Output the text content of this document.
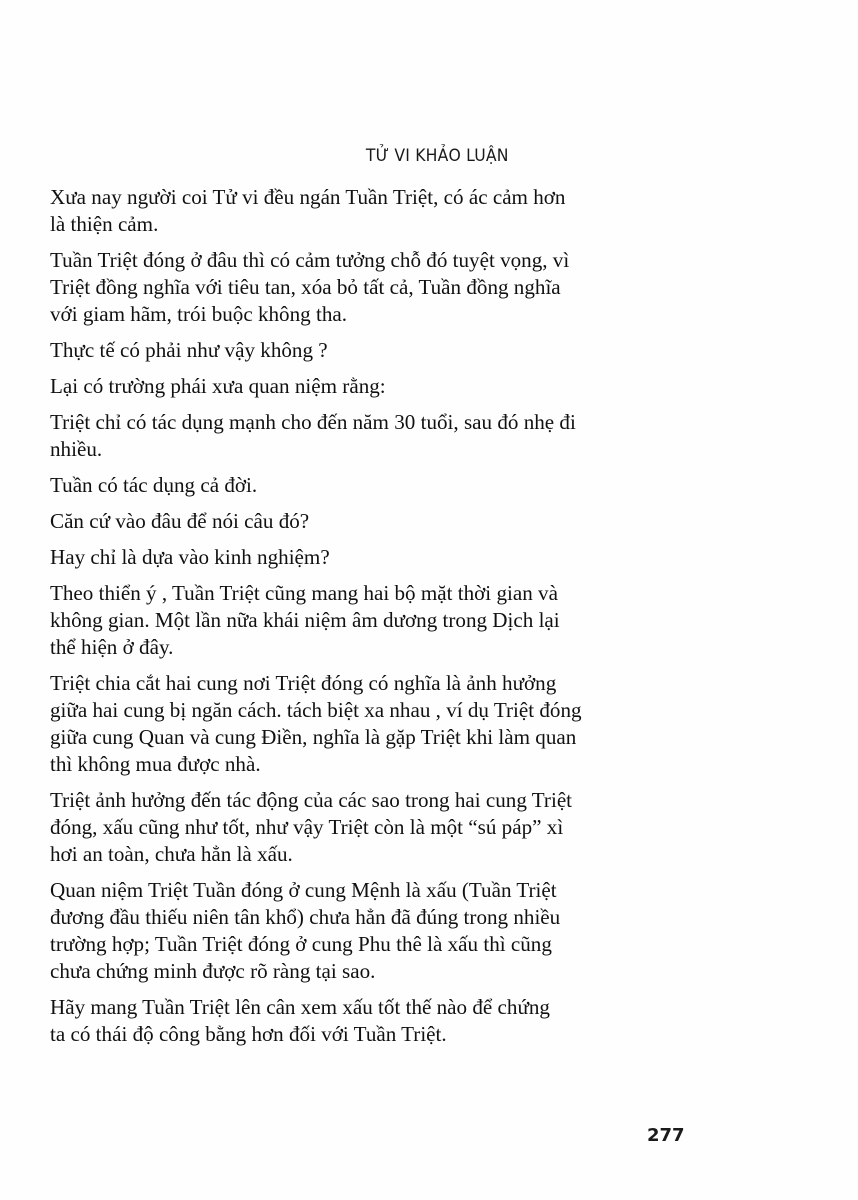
TỬ VI KHẢO LUẬN
Xưa nay người coi Tử vi đều ngán Tuần Triệt, có ác cảm hơn
là thiện cảm.
Tuần Triệt đóng ở đâu thì có cảm tưởng chỗ đó tuyệt vọng, vì
Triệt đồng nghĩa với tiêu tan, xóa bỏ tất cả, Tuần đồng nghĩa
với giam hãm, trói buộc không tha.
Thực tế có phải như vậy không ?
Lại có trường phái xưa quan niệm rằng:
Triệt chỉ có tác dụng mạnh cho đến năm 30 tuổi, sau đó nhẹ đi
nhiều.
Tuần có tác dụng cả đời.
Căn cứ vào đâu để nói câu đó?
Hay chỉ là dựa vào kinh nghiệm?
Theo thiển ý , Tuần Triệt cũng mang hai bộ mặt thời gian và
không gian. Một lần nữa khái niệm âm dương trong Dịch lại
thể hiện ở đây.
Triệt chia cắt hai cung nơi Triệt đóng có nghĩa là ảnh hưởng
giữa hai cung bị ngăn cách. tách biệt xa nhau , ví dụ Triệt đóng
giữa cung Quan và cung Điền, nghĩa là gặp Triệt khi làm quan
thì không mua được nhà.
Triệt ảnh hưởng đến tác động của các sao trong hai cung Triệt
đóng, xấu cũng như tốt, như vậy Triệt còn là một “sú páp” xì
hơi an toàn, chưa hẳn là xấu.
Quan niệm Triệt Tuần đóng ở cung Mệnh là xấu (Tuần Triệt
đương đầu thiếu niên tân khổ) chưa hẳn đã đúng trong nhiều
trường hợp; Tuần Triệt đóng ở cung Phu thê là xấu thì cũng
chưa chứng minh được rõ ràng tại sao.
Hãy mang Tuần Triệt lên cân xem xấu tốt thế nào để chứng
ta có thái độ công bằng hơn đối với Tuần Triệt.
277
